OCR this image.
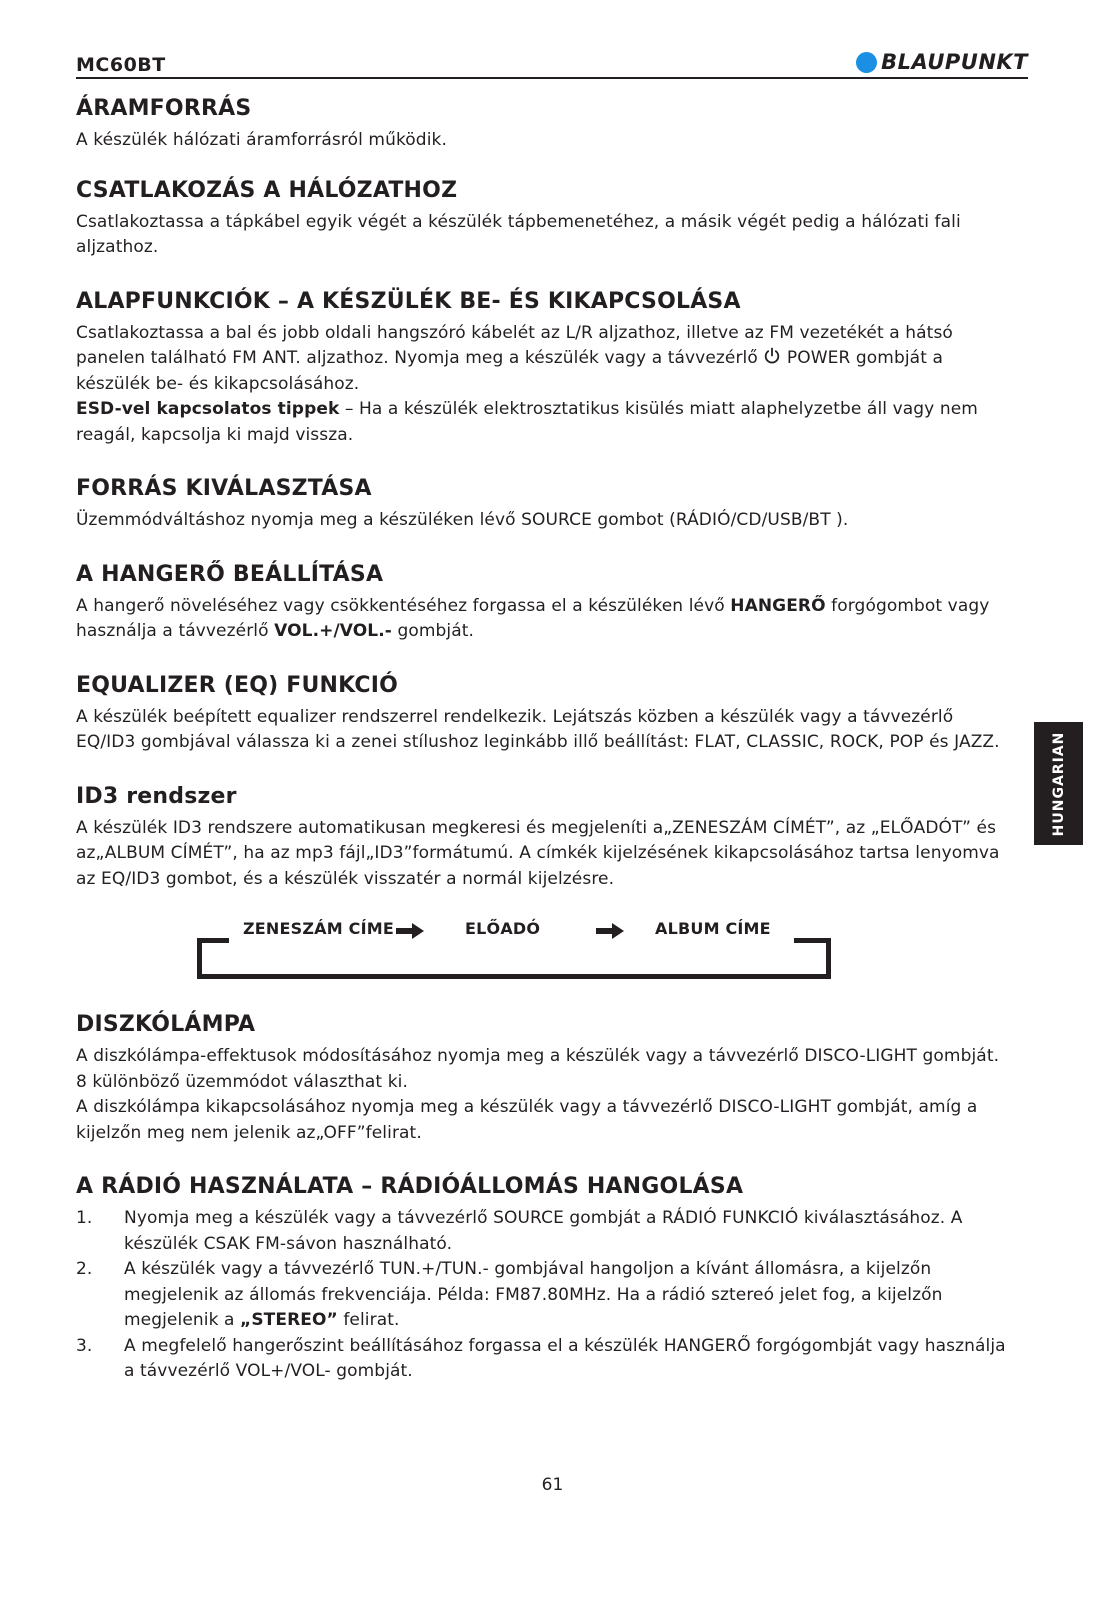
MC60BT	BLAUPUNKT
ÁRAMFORRÁS

A készülék hálózati áramforrásról működik.

CSATLAKOZÁS A HÁLÓZATHOZ

Csatlakoztassa a tápkábel egyik végét a készülék tápbemenetéhez, a másik végét pedig a hálózati fali aljzathoz.

ALAPFUNKCIÓK – A KÉSZÜLÉK BE- ÉS KIKAPCSOLÁSA

Csatlakoztassa a bal és jobb oldali hangszóró kábelét az L/R aljzathoz, illetve az FM vezetékét a hátsó panelen található FM ANT. aljzathoz. Nyomja meg a készülék vagy a távvezérlő POWER gombját a készülék be- és kikapcsolásához.

ESD-vel kapcsolatos tippek – Ha a készülék elektrosztatikus kisülés miatt alaphelyzetbe áll vagy nem reagál, kapcsolja ki majd vissza.

FORRÁS KIVÁLASZTÁSA

Üzemmódváltáshoz nyomja meg a készüléken lévő SOURCE gombot (RÁDIÓ/CD/USB/BT ).

A HANGERŐ BEÁLLÍTÁSA

A hangerő növeléséhez vagy csökkentéséhez forgassa el a készüléken lévő HANGERŐ forgógombot vagy használja a távvezérlő VOL.+/VOL.- gombját.

EQUALIZER (EQ) FUNKCIÓ

A készülék beépített equalizer rendszerrel rendelkezik. Lejátszás közben a készülék vagy a távvezérlő EQ/ID3 gombjával válassza ki a zenei stílushoz leginkább illő beállítást: FLAT, CLASSIC, ROCK, POP és JAZZ.

ID3 rendszer

A készülék ID3 rendszere automatikusan megkeresi és megjeleníti a„ZENESZÁM CÍMÉT”, az „ELŐADÓT” és az„ALBUM CÍMÉT”, ha az mp3 fájl„ID3”formátumú. A címkék kijelzésének kikapcsolásához tartsa lenyomva az EQ/ID3 gombot, és a készülék visszatér a normál kijelzésre.

ZENESZÁM CÍME	ELŐADÓ	ALBUM CÍME
DISZKÓLÁMPA

A diszkólámpa-effektusok módosításához nyomja meg a készülék vagy a távvezérlő DISCO-LIGHT gombját. 8 különböző üzemmódot választhat ki.

A diszkólámpa kikapcsolásához nyomja meg a készülék vagy a távvezérlő DISCO-LIGHT gombját, amíg a kijelzőn meg nem jelenik az„OFF”felirat.

A RÁDIÓ HASZNÁLATA – RÁDIÓÁLLOMÁS HANGOLÁSA
1. Nyomja meg a készülék vagy a távvezérlő SOURCE gombját a RÁDIÓ FUNKCIÓ kiválasztásához. A készülék CSAK FM-sávon használható.
2. A készülék vagy a távvezérlő TUN.+/TUN.- gombjával hangoljon a kívánt állomásra, a kijelzőn megjelenik az állomás frekvenciája. Példa: FM87.80MHz. Ha a rádió sztereó jelet fog, a kijelzőn megjelenik a „STEREO” felirat.
3. A megfelelő hangerőszint beállításához forgassa el a készülék HANGERŐ forgógombját vagy használja a távvezérlő VOL+/VOL- gombját.
HUNGARIAN
61
